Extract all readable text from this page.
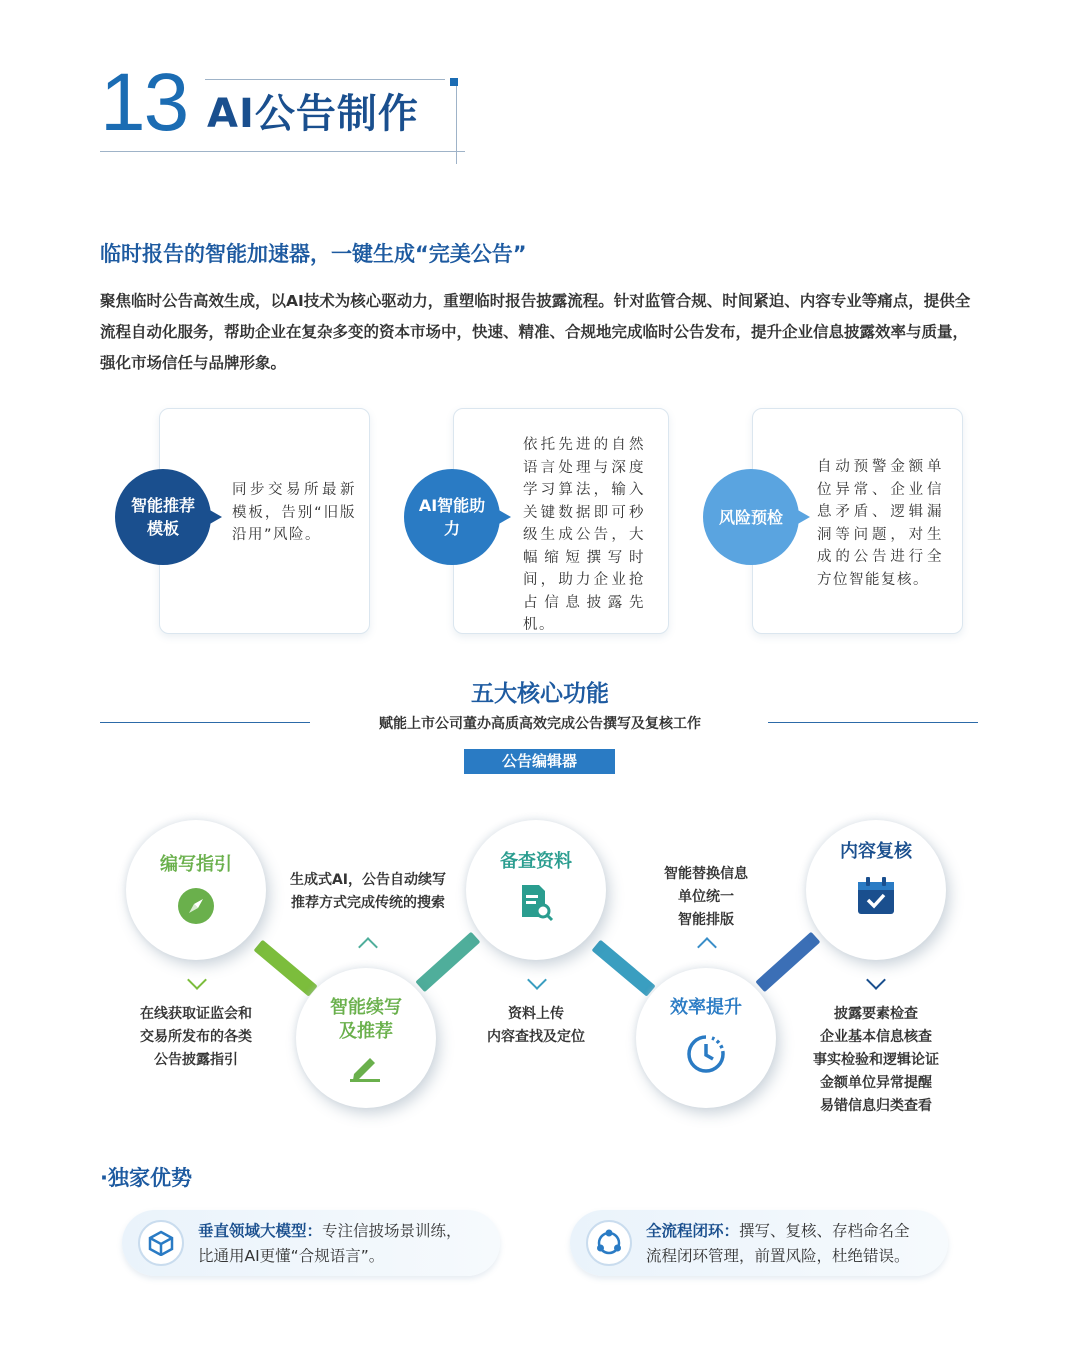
13 AI公告制作
临时报告的智能加速器，一键生成“完美公告”
聚焦临时公告高效生成，以AI技术为核心驱动力，重塑临时报告披露流程。针对监管合规、时间紧迫、内容专业等痛点，提供全流程自动化服务，帮助企业在复杂多变的资本市场中，快速、精准、合规地完成临时公告发布，提升企业信息披露效率与质量，强化市场信任与品牌形象。
智能推荐模板
同步交易所最新模板，告别“旧版沿用”风险。
AI智能助力
依托先进的自然语言处理与深度学习算法，输入关键数据即可秒级生成公告，大幅缩短撰写时间，助力企业抢占信息披露先机。
风险预检
自动预警金额单位异常、企业信息矛盾、逻辑漏洞等问题，对生成的公告进行全方位智能复核。
五大核心功能
赋能上市公司董办高质高效完成公告撰写及复核工作
公告编辑器
编写指引
智能续写及推荐
备查资料
效率提升
内容复核
在线获取证监会和
交易所发布的各类
公告披露指引
生成式AI，公告自动续写
推荐方式完成传统的搜索
资料上传
内容查找及定位
智能替换信息
单位统一
智能排版
披露要素检查
企业基本信息核查
事实检验和逻辑论证
金额单位异常提醒
易错信息归类查看
·独家优势
垂直领域大模型：专注信披场景训练，
比通用AI更懂“合规语言”。
全流程闭环：撰写、复核、存档命名全
流程闭环管理，前置风险，杜绝错误。
